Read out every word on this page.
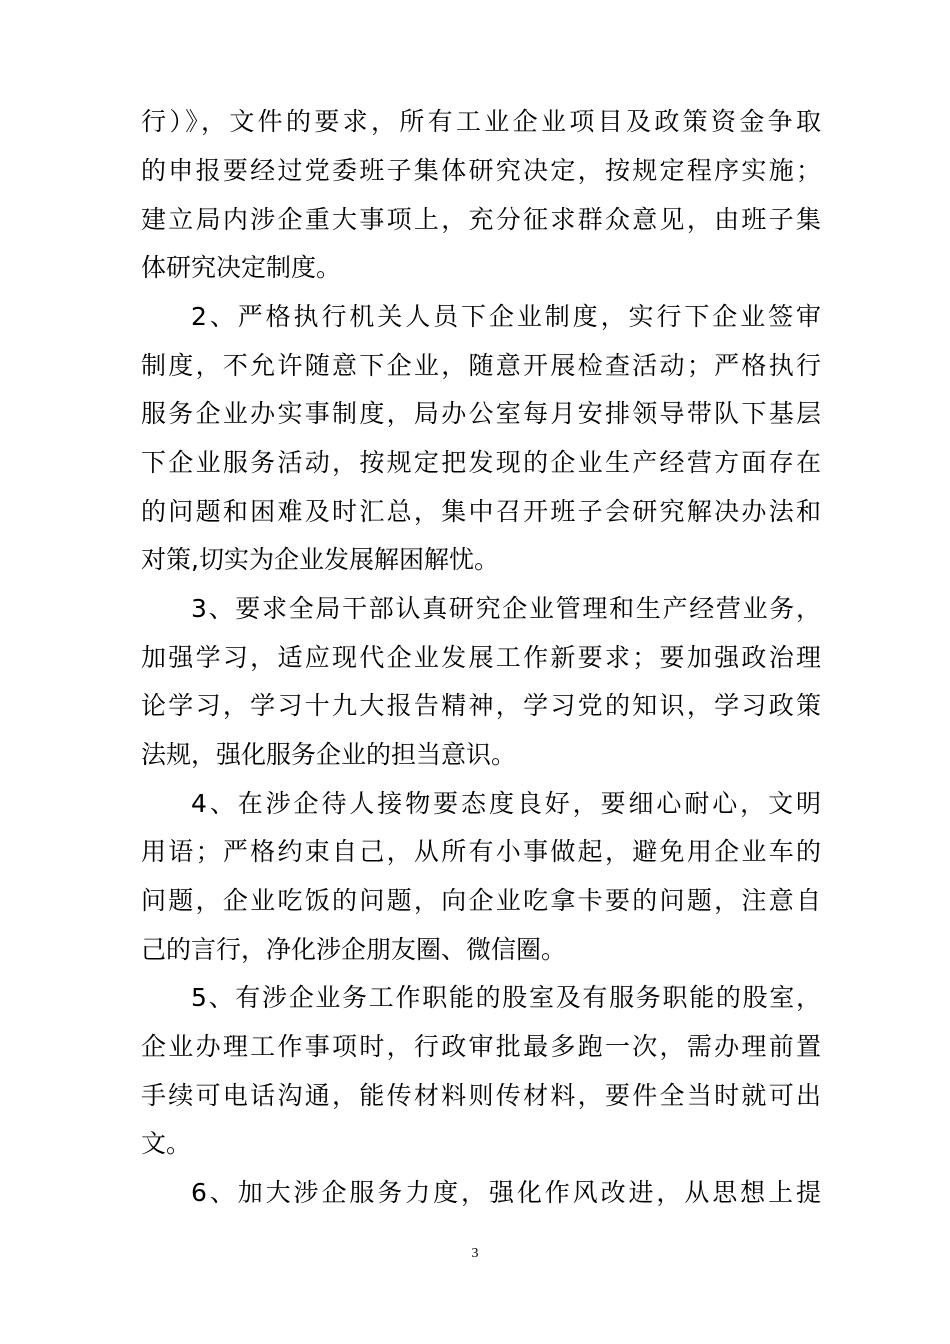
行）》，文件的要求，所有工业企业项目及政策资金争取
的申报要经过党委班子集体研究决定，按规定程序实施；
建立局内涉企重大事项上，充分征求群众意见，由班子集
体研究决定制度。
2、严格执行机关人员下企业制度，实行下企业签审
制度，不允许随意下企业，随意开展检查活动；严格执行
服务企业办实事制度，局办公室每月安排领导带队下基层
下企业服务活动，按规定把发现的企业生产经营方面存在
的问题和困难及时汇总，集中召开班子会研究解决办法和
对策,切实为企业发展解困解忧。
3、要求全局干部认真研究企业管理和生产经营业务，
加强学习，适应现代企业发展工作新要求；要加强政治理
论学习，学习十九大报告精神，学习党的知识，学习政策
法规，强化服务企业的担当意识。
4、在涉企待人接物要态度良好，要细心耐心，文明
用语；严格约束自己，从所有小事做起，避免用企业车的
问题，企业吃饭的问题，向企业吃拿卡要的问题，注意自
己的言行，净化涉企朋友圈、微信圈。
5、有涉企业务工作职能的股室及有服务职能的股室，
企业办理工作事项时，行政审批最多跑一次，需办理前置
手续可电话沟通，能传材料则传材料，要件全当时就可出
文。
6、加大涉企服务力度，强化作风改进，从思想上提
3
